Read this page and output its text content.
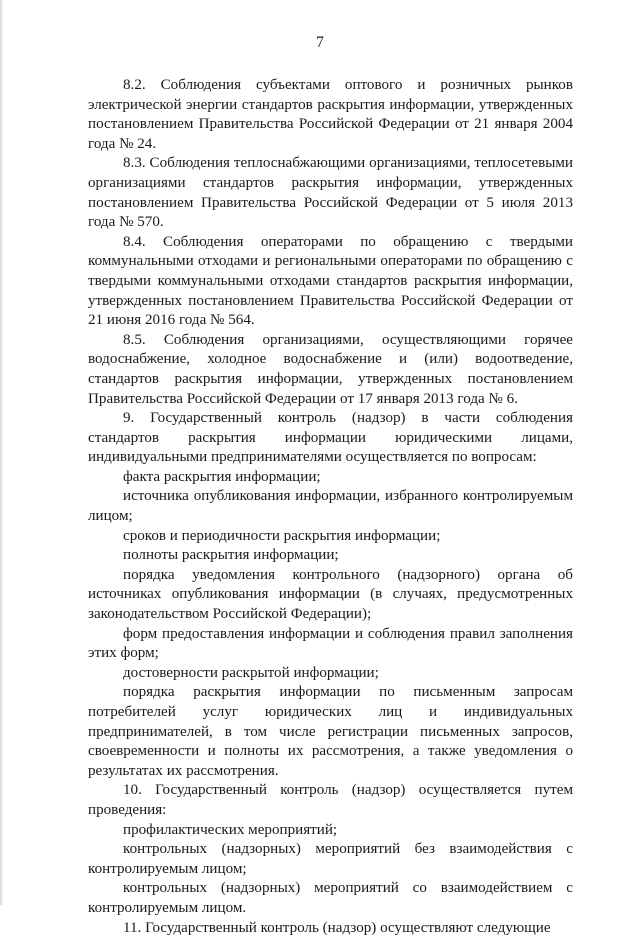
7

8.2. Соблюдения субъектами оптового и розничных рынков электрической энергии стандартов раскрытия информации, утвержденных постановлением Правительства Российской Федерации от 21 января 2004 года № 24.

8.3. Соблюдения теплоснабжающими организациями, теплосетевыми организациями стандартов раскрытия информации, утвержденных постановлением Правительства Российской Федерации от 5 июля 2013 года № 570.

8.4. Соблюдения операторами по обращению с твердыми коммунальными отходами и региональными операторами по обращению с твердыми коммунальными отходами стандартов раскрытия информации, утвержденных постановлением Правительства Российской Федерации от 21 июня 2016 года № 564.

8.5. Соблюдения организациями, осуществляющими горячее водоснабжение, холодное водоснабжение и (или) водоотведение, стандартов раскрытия информации, утвержденных постановлением Правительства Российской Федерации от 17 января 2013 года № 6.

9. Государственный контроль (надзор) в части соблюдения стандартов раскрытия информации юридическими лицами, индивидуальными предпринимателями осуществляется по вопросам:

факта раскрытия информации;

источника опубликования информации, избранного контролируемым лицом;

сроков и периодичности раскрытия информации;

полноты раскрытия информации;

порядка уведомления контрольного (надзорного) органа об источниках опубликования информации (в случаях, предусмотренных законодательством Российской Федерации);

форм предоставления информации и соблюдения правил заполнения этих форм;

достоверности раскрытой информации;

порядка раскрытия информации по письменным запросам потребителей услуг юридических лиц и индивидуальных предпринимателей, в том числе регистрации письменных запросов, своевременности и полноты их рассмотрения, а также уведомления о результатах их рассмотрения.

10. Государственный контроль (надзор) осуществляется путем проведения:

профилактических мероприятий;

контрольных (надзорных) мероприятий без взаимодействия с контролируемым лицом;

контрольных (надзорных) мероприятий со взаимодействием с контролируемым лицом.

11. Государственный контроль (надзор) осуществляют следующие
